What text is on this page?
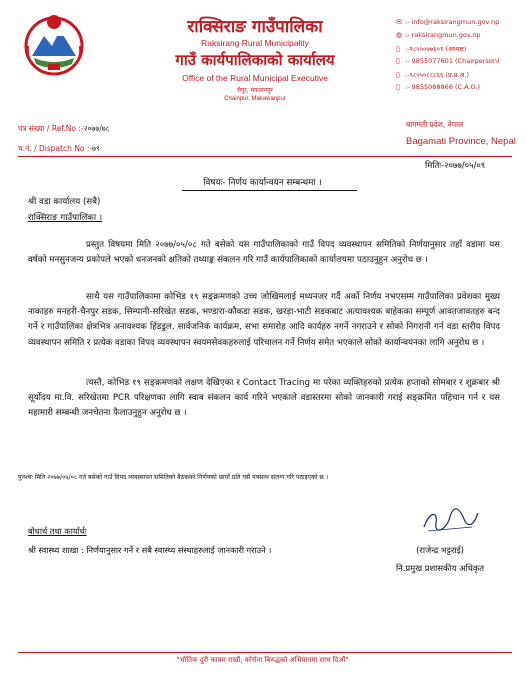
राक्सिराङ गाउँपालिका
Raksirang Rural Municipality
गाउँ कार्यपालिकाको कार्यालय
Office of the Rural Municipal Executive
चैपुर, मकवानपुर
Chainpur, Makawanpur
✉ :- info@raksirangmun.gov.np
◍ :- raksirangmun.gov.np
▯ :-९८५५०७७६०१ (अध्यक्ष)
▯ :- 9855077601 (Chairperson)
▯ :-९८५५०८८८६६ (प्र.प्र.अ.)
▯ :- 9855088866 (C.A.O.)
पत्र संख्या / Ref.No :-२०७७/७८
च.नं. / Dispatch No :-७९
बागमती प्रदेश, नेपाल
Bagamati Province, Nepal
मितिः-२०७७/०५/०९
विषयः- निर्णय कार्यान्वयन सम्बन्धमा ।
श्री वडा कार्यालय (सबै)
राक्सिराङ गाउँपालिका ।
प्रस्तुत विषयमा मिति २०७७/०५/०८ गते बसेको यस गाउँपालिकाको गाउँ विपद व्यवस्थापन समितिको निर्णयानुसार तहाँ वडामा यस वर्षको मनसुनजन्य प्रकोपले भएको धनजनको क्षतिको तथ्याङ्क संकलन गरि गाउँ कार्यपालिकाको कार्यालयमा पठाउनुहुन अनुरोध छ ।
साथै यस गाउँपालिकामा कोभिड १९ सङ्क्रमणको उच्च जोखिमलाई मध्यनजर गर्दै अर्को निर्णय नभएसम्म गाउँपालिका प्रवेशका मुख्य नाकाहरु मनहरी-चैनपुर सडक, सिम्पानी-सरिखेत सडक, भण्डारा-कौकडा सडक, खरड़ा-भाटी सडकबाट अत्यावश्यक बाहेकका सम्पूर्ण आवतजावतहरु बन्द गर्ने र गाउँपालिका क्षेत्रभित्र अनावश्यक हिंडडुल, सार्वजनिक कार्यक्रम, सभा समारोह आदि कार्यहरु नगर्ने नगराउने र सोको निगरानी गर्न वडा स्तरीय विपद व्यवस्थापन समिति र प्रत्येक वडाका विपद व्यवस्थापन स्वयमसेवकहरुलाई परिचालन गर्ने निर्णय समेत भएकाले सोको कार्यान्वयनका लागि अनुरोध छ ।
त्यस्तै, कोभिड १९ सङ्क्रमणको लक्षण देखिएका र Contact Tracing मा परेका व्यक्तिहरुको प्रत्येक हप्ताको सोमबार र शुक्रबार श्री सूर्योदय मा.वि. सरिखेतमा PCR परिक्षणका लागि स्वाब संकलन कार्य गरिने भएकाले वडास्तरमा सोको जानकारी गराई सङ्क्रमित पहिचान गर्न र यस महामारी सम्बन्धी जनचेतना फैलाउनुहुन अनुरोध छ ।
पुनश्चः मिति २०७७/०५/०८ गते बसेको गाउँ विपद व्यवस्थापन समितिको बैठकको निर्णयको छायाँ प्रति यसै पत्रसाथ संलग्न गरि पठाइएको छ ।
बोधार्थ तथा कार्यार्थः
श्री स्वास्थ्य शाखा : निर्णयानुसार गर्ने र सबै स्वास्थ्य संस्थाहरुलाई जानकारी गराउने ।	(राजेन्द्र भट्टराई)
नि.प्रमुख प्रशासकीय अधिकृत
"भौतिक दुरी कायम राखौं, कोरोना बिरुद्धको अभियानमा साथ दिऔं"
